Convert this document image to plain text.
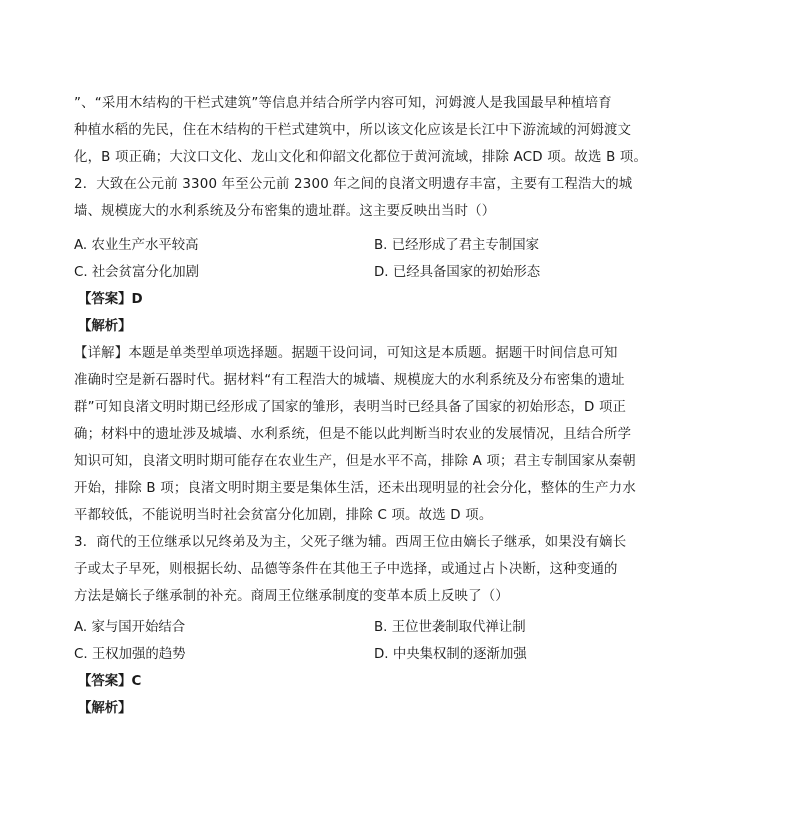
”、“采用木结构的干栏式建筑”等信息并结合所学内容可知，河姆渡人是我国最早种植培育
种植水稻的先民，住在木结构的干栏式建筑中，所以该文化应该是长江中下游流域的河姆渡文
化，B 项正确；大汶口文化、龙山文化和仰韶文化都位于黄河流域，排除 ACD 项。故选 B 项。
2．大致在公元前 3300 年至公元前 2300 年之间的良渚文明遗存丰富，主要有工程浩大的城
墙、规模庞大的水利系统及分布密集的遗址群。这主要反映出当时（）
A. 农业生产水平较高	B. 已经形成了君主专制国家
C. 社会贫富分化加剧	D. 已经具备国家的初始形态
【答案】D
【解析】
【详解】本题是单类型单项选择题。据题干设问词，可知这是本质题。据题干时间信息可知
准确时空是新石器时代。据材料“有工程浩大的城墙、规模庞大的水利系统及分布密集的遗址
群”可知良渚文明时期已经形成了国家的雏形，表明当时已经具备了国家的初始形态，D 项正
确；材料中的遗址涉及城墙、水利系统，但是不能以此判断当时农业的发展情况，且结合所学
知识可知，良渚文明时期可能存在农业生产，但是水平不高，排除 A 项；君主专制国家从秦朝
开始，排除 B 项；良渚文明时期主要是集体生活，还未出现明显的社会分化，整体的生产力水
平都较低，不能说明当时社会贫富分化加剧，排除 C 项。故选 D 项。
3．商代的王位继承以兄终弟及为主，父死子继为辅。西周王位由嫡长子继承，如果没有嫡长
子或太子早死，则根据长幼、品德等条件在其他王子中选择，或通过占卜决断，这种变通的
方法是嫡长子继承制的补充。商周王位继承制度的变革本质上反映了（）
A. 家与国开始结合	B. 王位世袭制取代禅让制
C. 王权加强的趋势	D. 中央集权制的逐渐加强
【答案】C
【解析】
